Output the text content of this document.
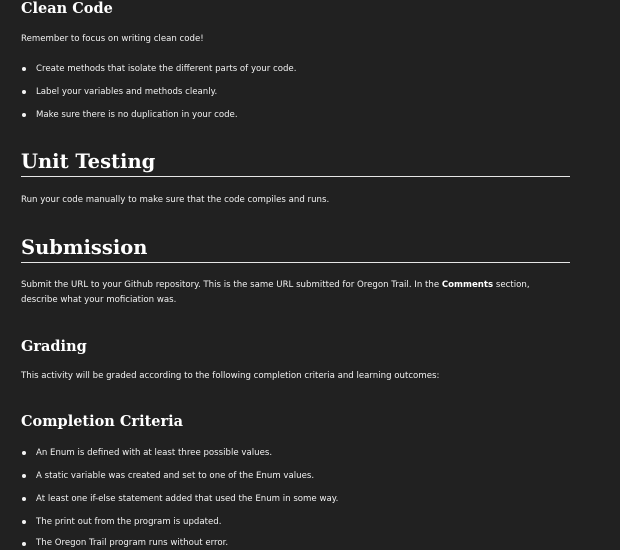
Clean Code

Remember to focus on writing clean code!

Create methods that isolate the different parts of your code.
Label your variables and methods cleanly.
Make sure there is no duplication in your code.
Unit Testing

Run your code manually to make sure that the code compiles and runs.

Submission

Submit the URL to your Github repository. This is the same URL submitted for Oregon Trail. In the Comments section, describe what your moficiation was.

Grading

This activity will be graded according to the following completion criteria and learning outcomes:

Completion Criteria
An Enum is defined with at least three possible values.
A static variable was created and set to one of the Enum values.
At least one if-else statement added that used the Enum in some way.
The print out from the program is updated.
The Oregon Trail program runs without error.
